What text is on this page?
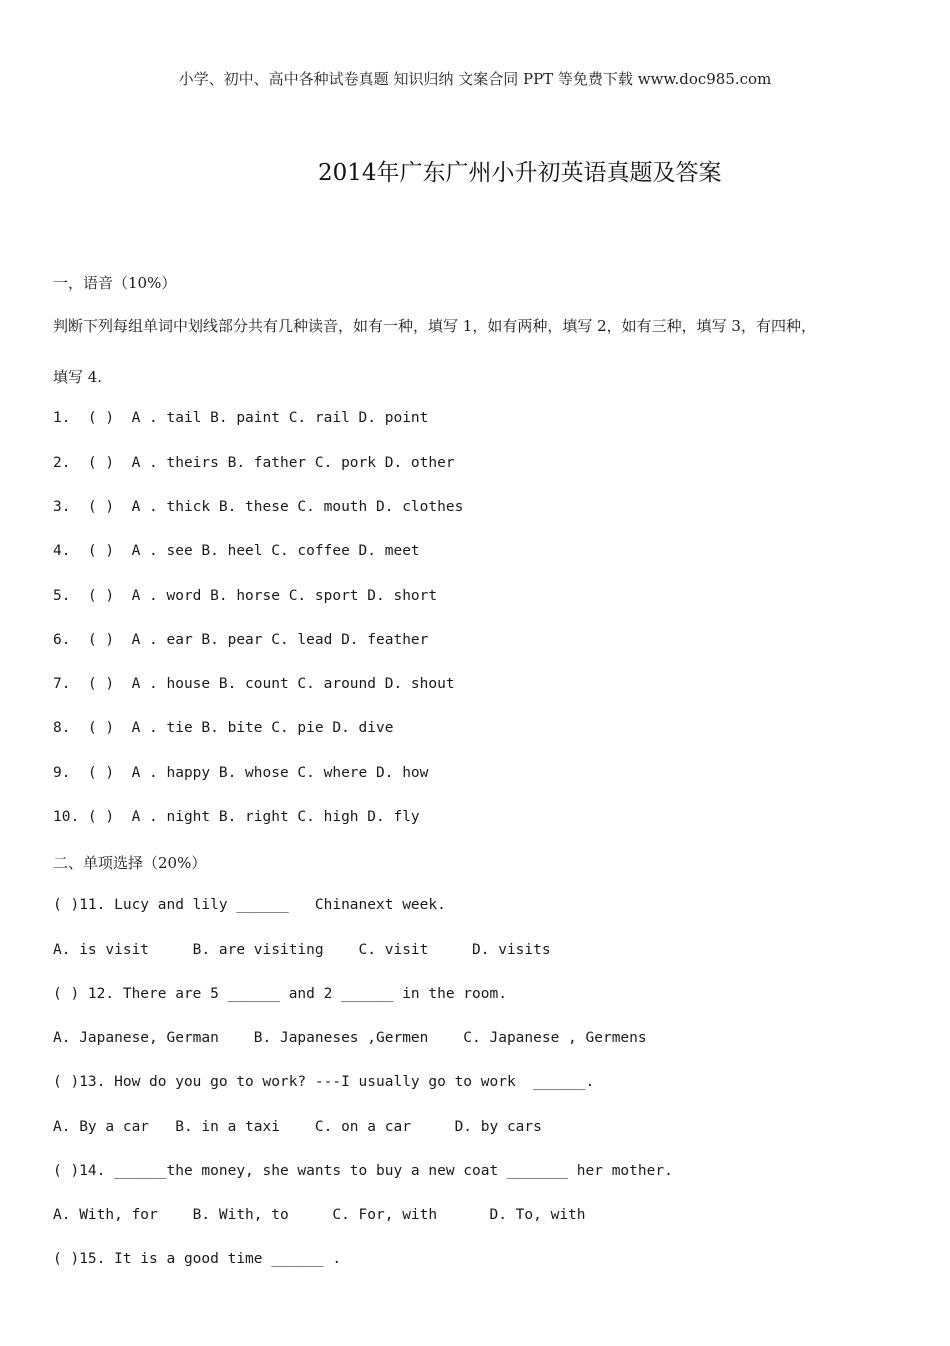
小学、初中、高中各种试卷真题 知识归纳 文案合同 PPT 等免费下载 www.doc985.com
2014年广东广州小升初英语真题及答案
一，语音（10%）
判断下列每组单词中划线部分共有几种读音，如有一种，填写 1，如有两种，填写 2，如有三种，填写 3，有四种，
填写 4.
1.  ( )  A . tail B. paint C. rail D. point
2.  ( )  A . theirs B. father C. pork D. other
3.  ( )  A . thick B. these C. mouth D. clothes
4.  ( )  A . see B. heel C. coffee D. meet
5.  ( )  A . word B. horse C. sport D. short
6.  ( )  A . ear B. pear C. lead D. feather
7.  ( )  A . house B. count C. around D. shout
8.  ( )  A . tie B. bite C. pie D. dive
9.  ( )  A . happy B. whose C. where D. how
10. ( )  A . night B. right C. high D. fly
二、单项选择（20%）
( )11. Lucy and lily ______   Chinanext week.
A. is visit     B. are visiting    C. visit     D. visits
( ) 12. There are 5 ______ and 2 ______ in the room.
A. Japanese, German    B. Japaneses ,Germen    C. Japanese , Germens
( )13. How do you go to work? ---I usually go to work  ______.
A. By a car   B. in a taxi    C. on a car     D. by cars
( )14. ______the money, she wants to buy a new coat _______ her mother.
A. With, for    B. With, to     C. For, with      D. To, with
( )15. It is a good time ______ .
